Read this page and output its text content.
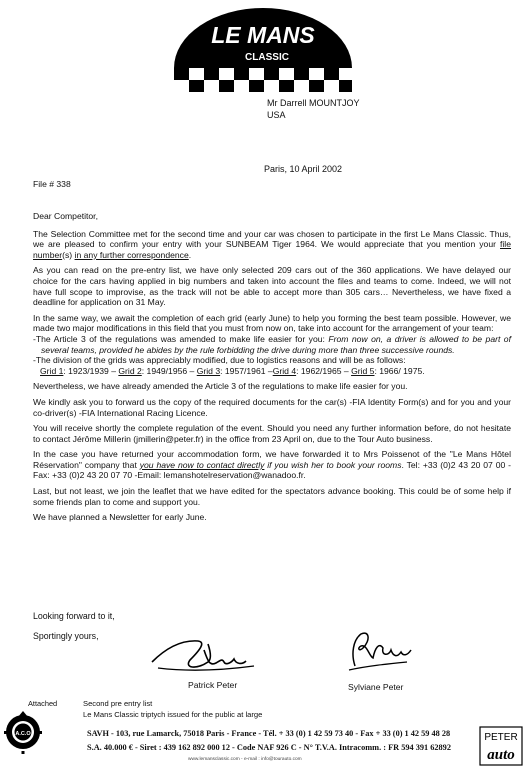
LE MANS
CLASSIC
Mr Darrell MOUNTJOY
USA
Paris, 10 April 2002
File # 338

Dear Competitor,

The Selection Committee met for the second time and your car was chosen to participate in the first Le Mans Classic. Thus, we are pleased to confirm your entry with your SUNBEAM Tiger 1964. We would appreciate that you mention your file number(s) in any further correspondence.

As you can read on the pre-entry list, we have only selected 209 cars out of the 360 applications. We have delayed our choice for the cars having applied in big numbers and taken into account the files and teams to come. Indeed, we will not have full scope to improvise, as the track will not be able to accept more than 305 cars… Nevertheless, we have fixed a deadline for application on 31 May.

In the same way, we await the completion of each grid (early June) to help you forming the best team possible. However, we made two major modifications in this field that you must from now on, take into account for the arrangement of your team:

-The Article 3 of the regulations was amended to make life easier for you: From now on, a driver is allowed to be part of several teams, provided he abides by the rule forbidding the drive during more than three successive rounds.

-The division of the grids was appreciably modified, due to logistics reasons and will be as follows:

Grid 1: 1923/1939 – Grid 2: 1949/1956 – Grid 3: 1957/1961 –Grid 4: 1962/1965 – Grid 5: 1966/ 1975.

Nevertheless, we have already amended the Article 3 of the regulations to make life easier for you.

We kindly ask you to forward us the copy of the required documents for the car(s) -FIA Identity Form(s) and for you and your co-driver(s) -FIA International Racing Licence.

You will receive shortly the complete regulation of the event. Should you need any further information before, do not hesitate to contact Jérôme Millerin (jmillerin@peter.fr) in the office from 23 April on, due to the Tour Auto business.

In the case you have returned your accommodation form, we have forwarded it to Mrs Poissenot of the "Le Mans Hôtel Réservation" company that you have now to contact directly if you wish her to book your rooms. Tel: +33 (0)2 43 20 07 00 - Fax: +33 (0)2 43 20 07 70 -Email: lemanshotelreservation@wanadoo.fr.

Last, but not least, we join the leaflet that we have edited for the spectators advance booking. This could be of some help if some friends plan to come and support you.

We have planned a Newsletter for early June.

Looking forward to it,
Sportingly yours,
Patrick Peter	Sylviane Peter
Attached	Second pre entry list
Le Mans Classic triptych issued for the public at large
A.C.O	SAVH - 103, rue Lamarck, 75018 Paris - France - Tél. + 33 (0) 1 42 59 73 40 - Fax + 33 (0) 1 42 59 48 28
S.A. 40.000 € - Siret : 439 162 892 000 12 - Code NAF 926 C - N° T.V.A. Intracomm. : FR 594 391 62892
www.lemansclassic.com - e-mail : info@tourauto.com
PETER
auto
